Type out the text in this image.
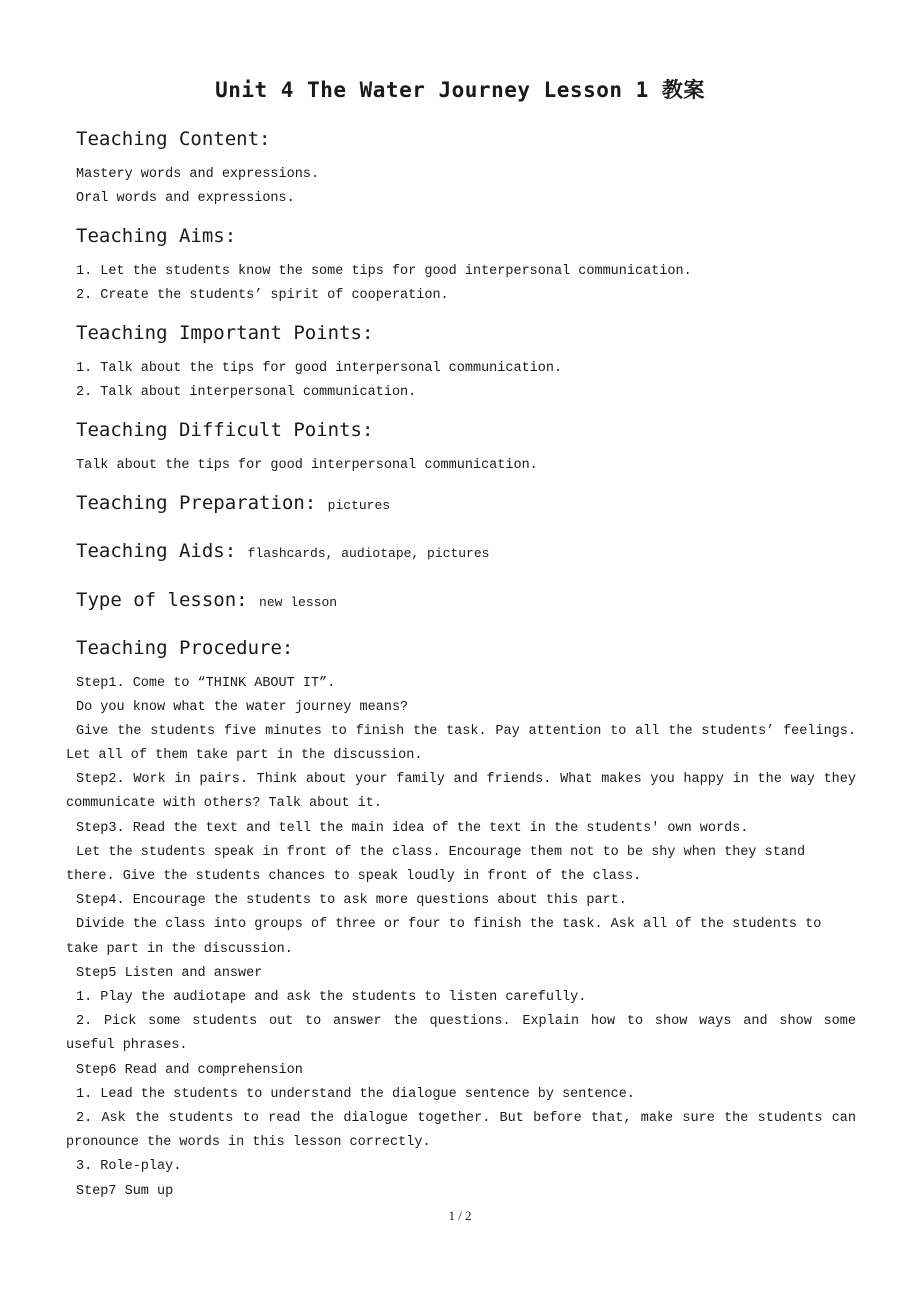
Unit 4 The Water Journey Lesson 1 教案
Teaching Content:
Mastery words and expressions.
Oral words and expressions.
Teaching Aims:
1. Let the students know the some tips for good interpersonal communication.
2. Create the students’ spirit of cooperation.
Teaching Important Points:
1. Talk about the tips for good interpersonal communication.
2. Talk about interpersonal communication.
Teaching Difficult Points:
Talk about the tips for good interpersonal communication.
Teaching Preparation: pictures
Teaching Aids: flashcards, audiotape, pictures
Type of lesson: new lesson
Teaching Procedure:
Step1. Come to “THINK ABOUT IT”.
Do you know what the water journey means?
Give the students five minutes to finish the task. Pay attention to all the students’ feelings.
Let all of them take part in the discussion.
Step2. Work in pairs. Think about your family and friends. What makes you happy in the way they
communicate with others? Talk about it.
Step3. Read the text and tell the main idea of the text in the students' own words.
Let the students speak in front of the class. Encourage them not to be shy when they stand
there. Give the students chances to speak loudly in front of the class.
Step4. Encourage the students to ask more questions about this part.
Divide the class into groups of three or four to finish the task. Ask all of the students to
take part in the discussion.
Step5 Listen and answer
1. Play the audiotape and ask the students to listen carefully.
2. Pick some students out to answer the questions. Explain how to show ways and show some
useful phrases.
Step6 Read and comprehension
1. Lead the students to understand the dialogue sentence by sentence.
2. Ask the students to read the dialogue together. But before that, make sure the students can
pronounce the words in this lesson correctly.
3. Role-play.
Step7 Sum up
1 / 2
